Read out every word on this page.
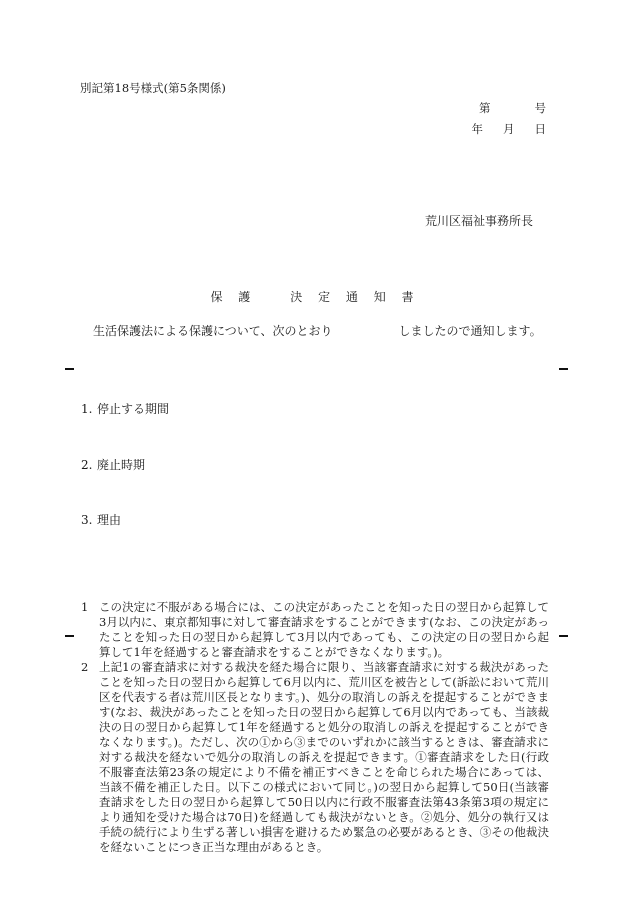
別記第18号様式(第5条関係)
第	号
年 月 日
荒川区福祉事務所長
保 護	決 定 通 知 書
生活保護法による保護について、次のとおり	しましたので通知します。
1. 停止する期間
2. 廃止時期
3. 理由
1 この決定に不服がある場合には、この決定があったことを知った日の翌日から起算して3月以内に、東京都知事に対して審査請求をすることができます(なお、この決定があったことを知った日の翌日から起算して3月以内であっても、この決定の日の翌日から起算して1年を経過すると審査請求をすることができなくなります。)。
2 上記1の審査請求に対する裁決を経た場合に限り、当該審査請求に対する裁決があったことを知った日の翌日から起算して6月以内に、荒川区を被告として(訴訟において荒川区を代表する者は荒川区長となります。)、処分の取消しの訴えを提起することができます(なお、裁決があったことを知った日の翌日から起算して6月以内であっても、当該裁決の日の翌日から起算して1年を経過すると処分の取消しの訴えを提起することができなくなります。)。ただし、次の①から③までのいずれかに該当するときは、審査請求に対する裁決を経ないで処分の取消しの訴えを提起できます。①審査請求をした日(行政不服審査法第23条の規定により不備を補正すべきことを命じられた場合にあっては、当該不備を補正した日。以下この様式において同じ。)の翌日から起算して50日(当該審査請求をした日の翌日から起算して50日以内に行政不服審査法第43条第3項の規定により通知を受けた場合は70日)を経過しても裁決がないとき。②処分、処分の執行又は手続の続行により生ずる著しい損害を避けるため緊急の必要があるとき、③その他裁決を経ないことにつき正当な理由があるとき。
